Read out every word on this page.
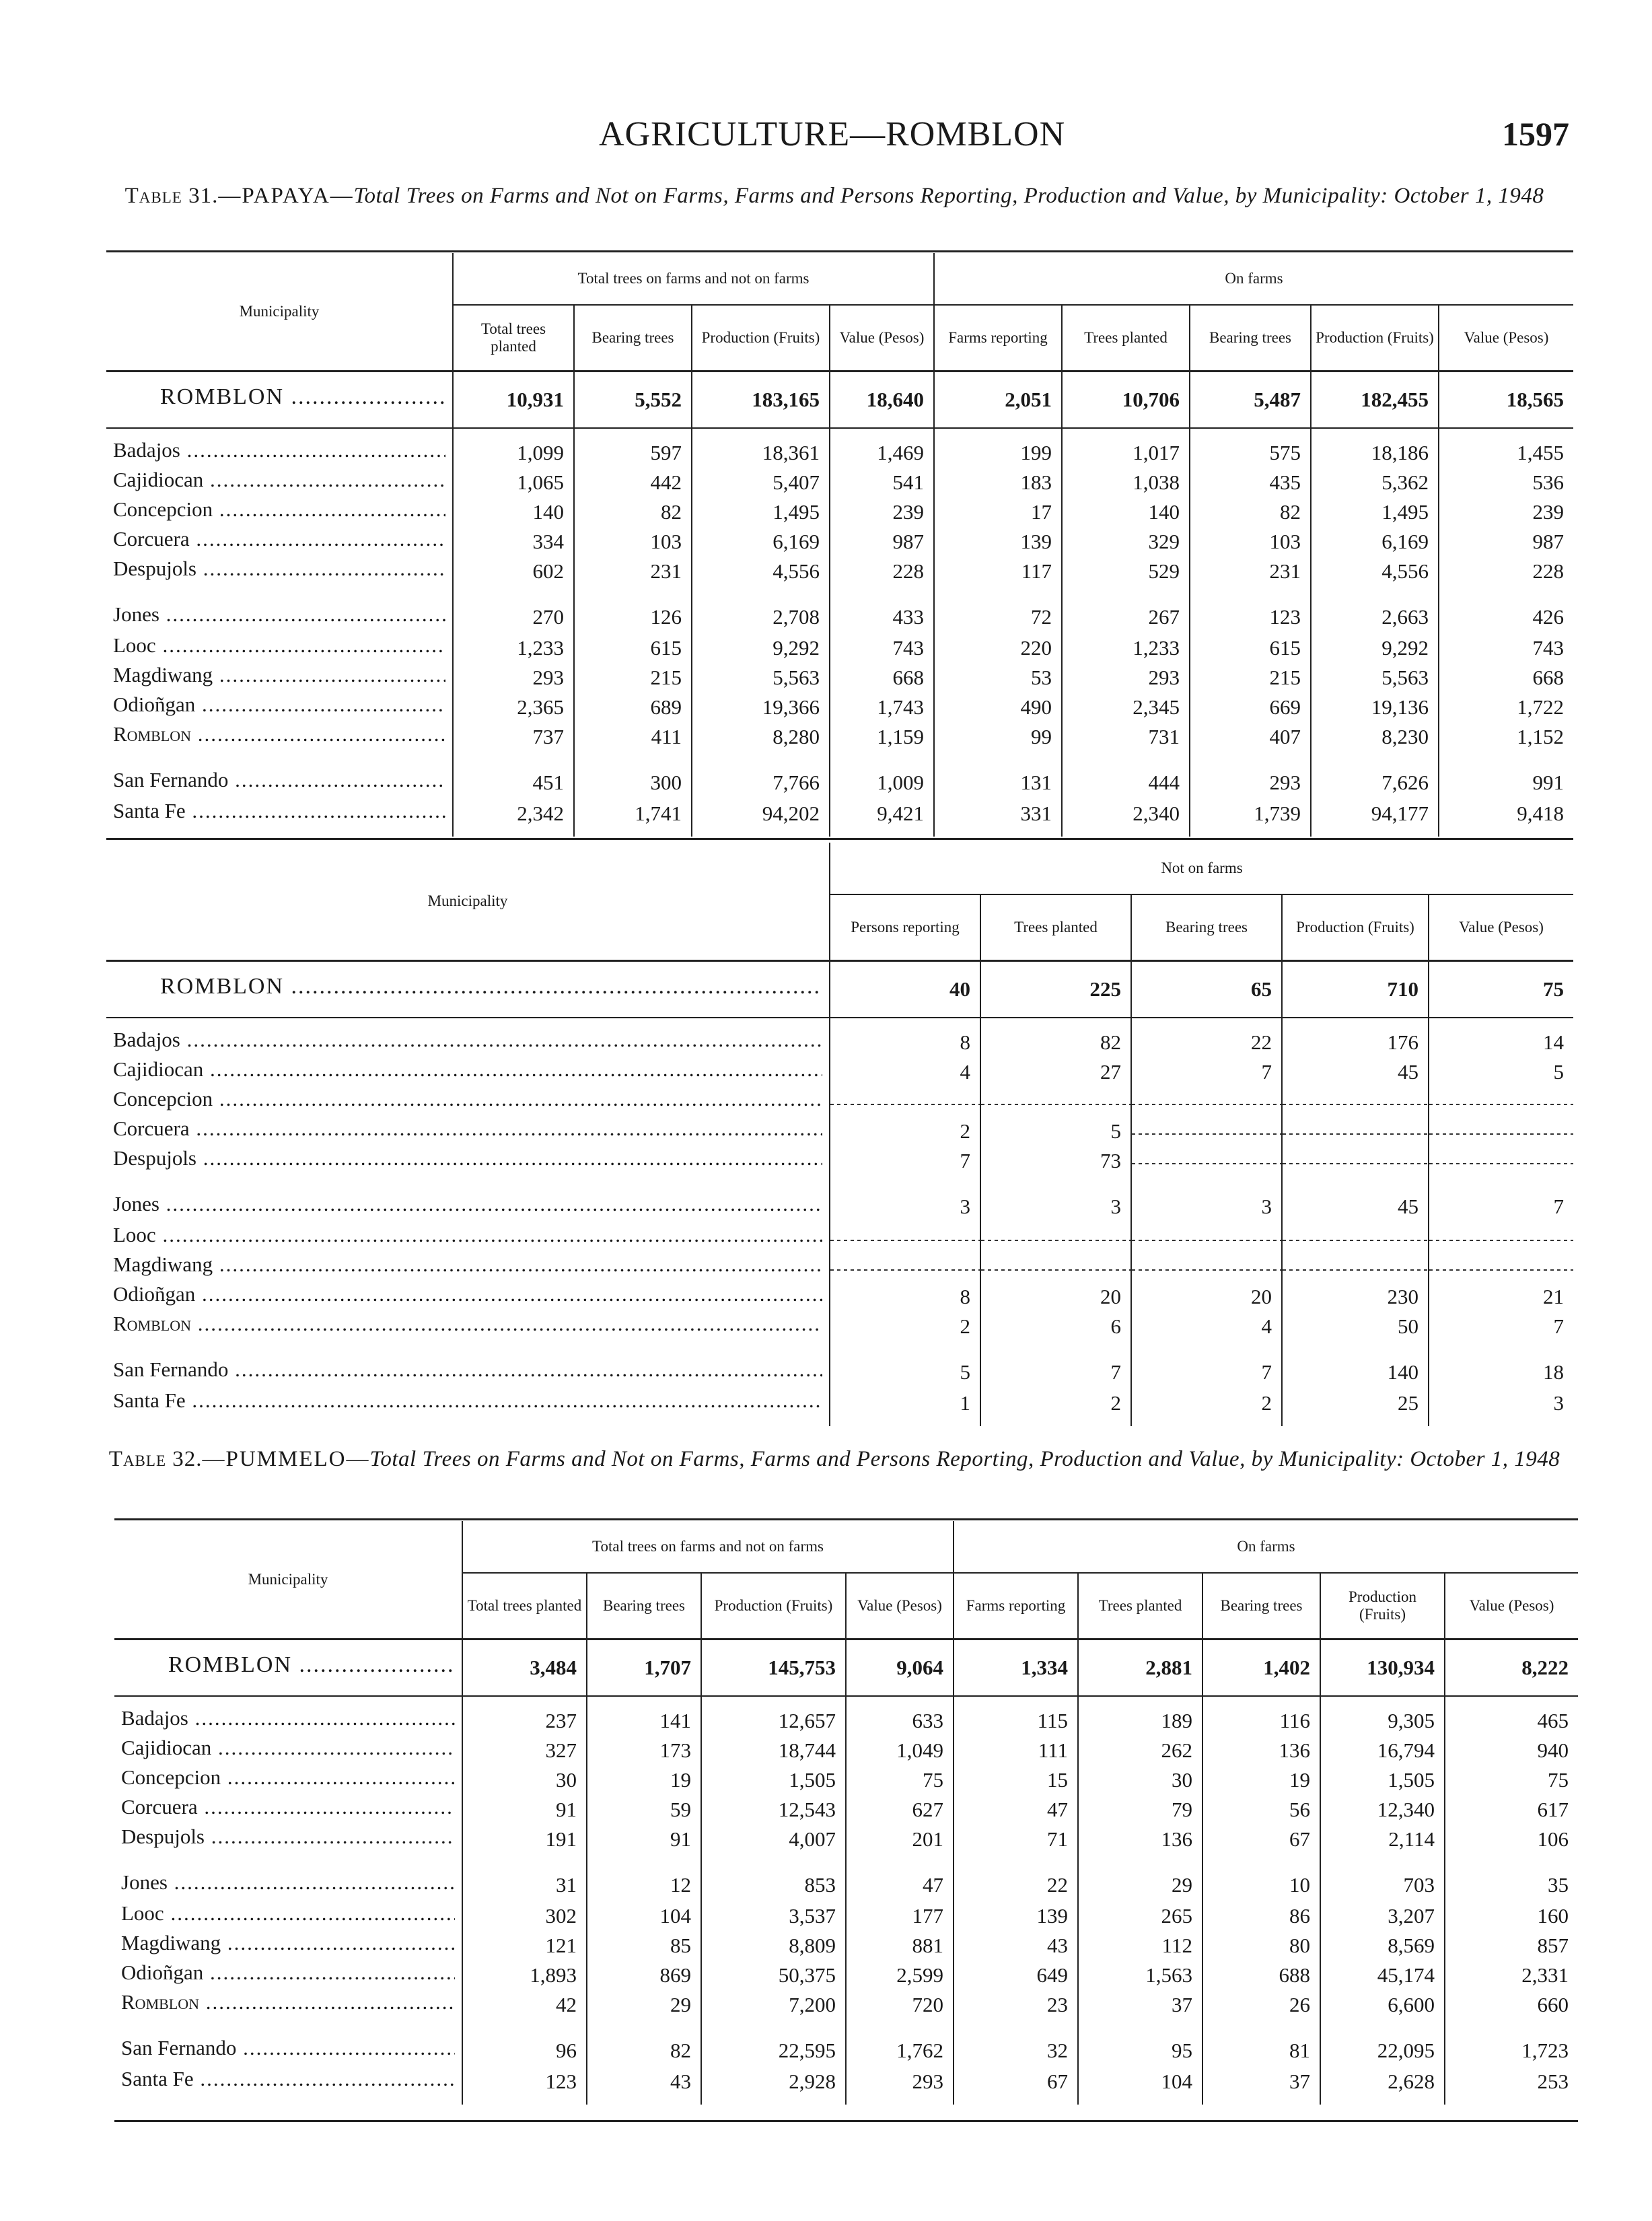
AGRICULTURE—ROMBLON	1597
Table 31.—PAPAYA—Total Trees on Farms and Not on Farms, Farms and Persons Reporting, Production and Value, by Municipality: October 1, 1948
Municipality	Total trees on farms and not on farms				On farms				
	Total trees planted	Bearing trees	Production (Fruits)	Value (Pesos)	Farms reporting	Trees planted	Bearing trees	Production (Fruits)	Value (Pesos)
ROMBLON .....	10,931	5,552	183,165	18,640	2,051	10,706	5,487	182,455	18,565
Badajos .....	1,099	597	18,361	1,469	199	1,017	575	18,186	1,455
Cajidiocan .....	1,065	442	5,407	541	183	1,038	435	5,362	536
Concepcion .....	140	82	1,495	239	17	140	82	1,495	239
Corcuera .....	334	103	6,169	987	139	329	103	6,169	987
Despujols .....	602	231	4,556	228	117	529	231	4,556	228
Jones .....	270	126	2,708	433	72	267	123	2,663	426
Looc .....	1,233	615	9,292	743	220	1,233	615	9,292	743
Magdiwang .....	293	215	5,563	668	53	293	215	5,563	668
Odioñgan .....	2,365	689	19,366	1,743	490	2,345	669	19,136	1,722
Romblon .....	737	411	8,280	1,159	99	731	407	8,230	1,152
San Fernando .....	451	300	7,766	1,009	131	444	293	7,626	991
Santa Fe .....	2,342	1,741	94,202	9,421	331	2,340	1,739	94,177	9,418
Municipality	Not on farms				
	Persons reporting	Trees planted	Bearing trees	Production (Fruits)	Value (Pesos)
ROMBLON .....	40	225	65	710	75
Badajos .....	8	82	22	176	14
Cajidiocan .....	4	27	7	45	5
Concepcion .....					
Corcuera .....	2	5			
Despujols .....	7	73			
Jones .....	3	3	3	45	7
Looc .....					
Magdiwang .....					
Odioñgan .....	8	20	20	230	21
Romblon .....	2	6	4	50	7
San Fernando .....	5	7	7	140	18
Santa Fe .....	1	2	2	25	3
Table 32.—PUMMELO—Total Trees on Farms and Not on Farms, Farms and Persons Reporting, Production and Value, by Municipality: October 1, 1948
Municipality	Total trees on farms and not on farms				On farms				
	Total trees planted	Bearing trees	Production (Fruits)	Value (Pesos)	Farms reporting	Trees planted	Bearing trees	Production (Fruits)	Value (Pesos)
ROMBLON .....	3,484	1,707	145,753	9,064	1,334	2,881	1,402	130,934	8,222
Badajos .....	237	141	12,657	633	115	189	116	9,305	465
Cajidiocan .....	327	173	18,744	1,049	111	262	136	16,794	940
Concepcion .....	30	19	1,505	75	15	30	19	1,505	75
Corcuera .....	91	59	12,543	627	47	79	56	12,340	617
Despujols .....	191	91	4,007	201	71	136	67	2,114	106
Jones .....	31	12	853	47	22	29	10	703	35
Looc .....	302	104	3,537	177	139	265	86	3,207	160
Magdiwang .....	121	85	8,809	881	43	112	80	8,569	857
Odioñgan .....	1,893	869	50,375	2,599	649	1,563	688	45,174	2,331
Romblon .....	42	29	7,200	720	23	37	26	6,600	660
San Fernando .....	96	82	22,595	1,762	32	95	81	22,095	1,723
Santa Fe .....	123	43	2,928	293	67	104	37	2,628	253
